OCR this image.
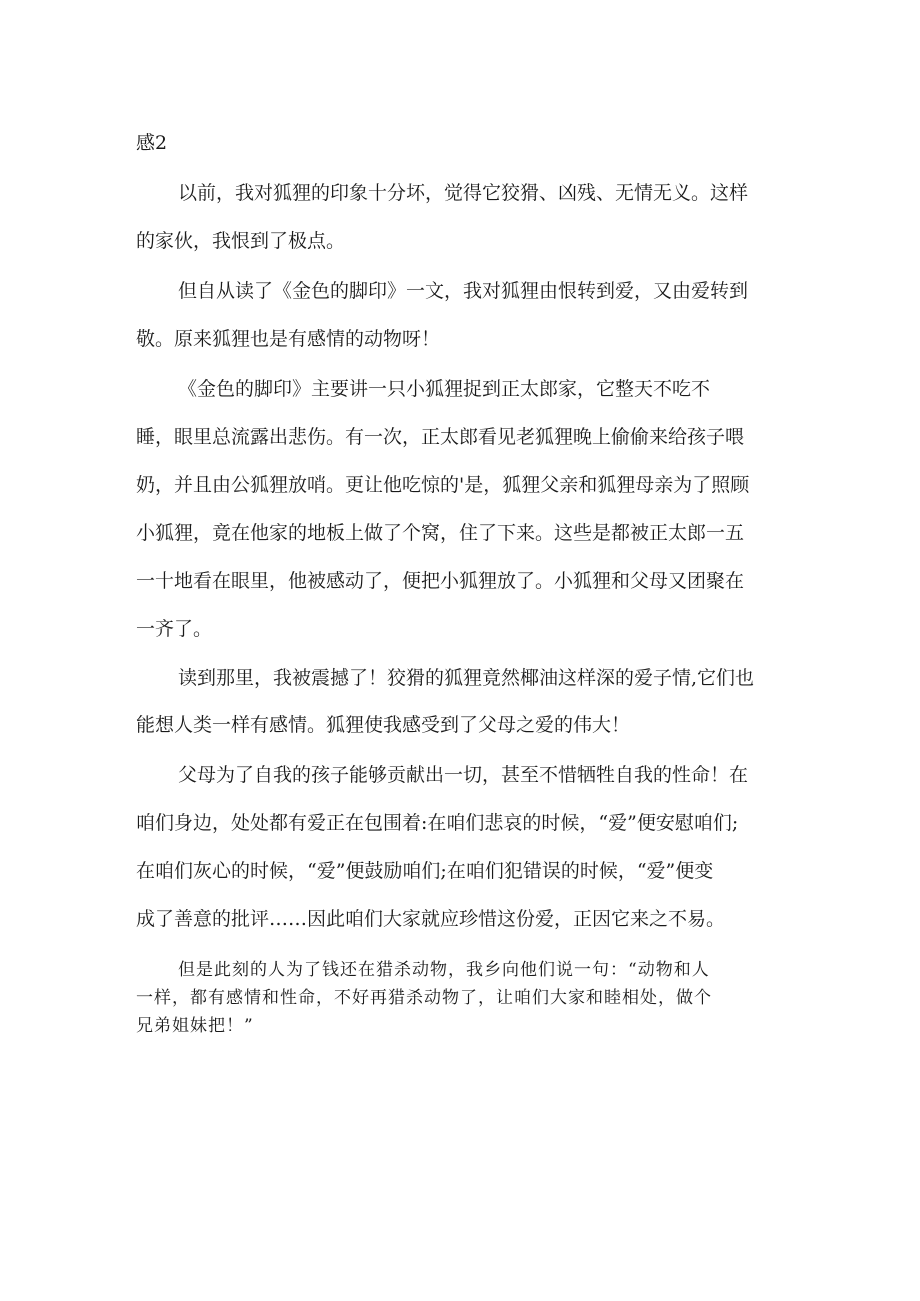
感2

以前，我对狐狸的印象十分坏，觉得它狡猾、凶残、无情无义。这样

的家伙，我恨到了极点。

但自从读了《金色的脚印》一文，我对狐狸由恨转到爱，又由爱转到

敬。原来狐狸也是有感情的动物呀！

《金色的脚印》主要讲一只小狐狸捉到正太郎家，它整天不吃不

睡，眼里总流露出悲伤。有一次，正太郎看见老狐狸晚上偷偷来给孩子喂

奶，并且由公狐狸放哨。更让他吃惊的'是，狐狸父亲和狐狸母亲为了照顾

小狐狸，竟在他家的地板上做了个窝，住了下来。这些是都被正太郎一五

一十地看在眼里，他被感动了，便把小狐狸放了。小狐狸和父母又团聚在

一齐了。

读到那里，我被震撼了！狡猾的狐狸竟然椰油这样深的爱子情,它们也

能想人类一样有感情。狐狸使我感受到了父母之爱的伟大！

父母为了自我的孩子能够贡献出一切，甚至不惜牺牲自我的性命！在

咱们身边，处处都有爱正在包围着:在咱们悲哀的时候，“爱”便安慰咱们;

在咱们灰心的时候，“爱”便鼓励咱们;在咱们犯错误的时候，“爱”便变

成了善意的批评……因此咱们大家就应珍惜这份爱，正因它来之不易。

但是此刻的人为了钱还在猎杀动物，我乡向他们说一句：“动物和人

一样，都有感情和性命，不好再猎杀动物了，让咱们大家和睦相处，做个

兄弟姐妹把！”
